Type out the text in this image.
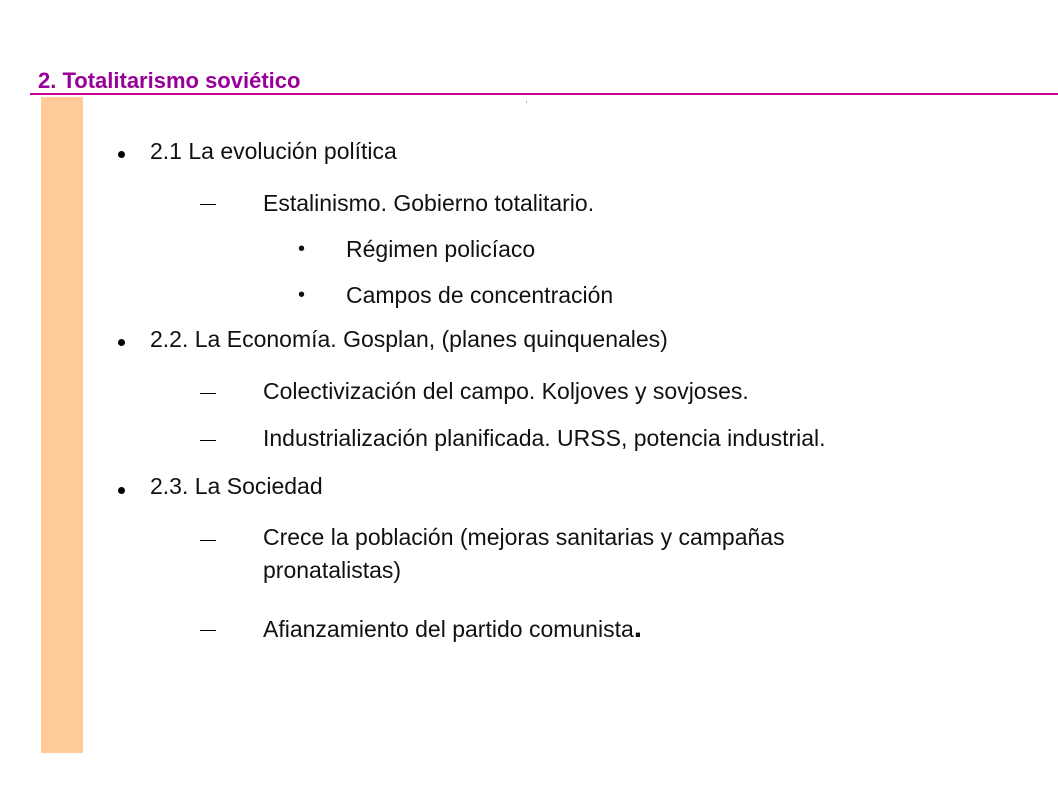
2. Totalitarismo soviético
2.1 La evolución política
Estalinismo. Gobierno totalitario.
• Régimen policíaco
• Campos de concentración
2.2. La Economía. Gosplan, (planes quinquenales)
Colectivización del campo. Koljoves y sovjoses.
Industrialización planificada. URSS, potencia industrial.
2.3. La Sociedad
Crece la población (mejoras sanitarias y campañas
pronatalistas)
Afianzamiento del partido comunista.
